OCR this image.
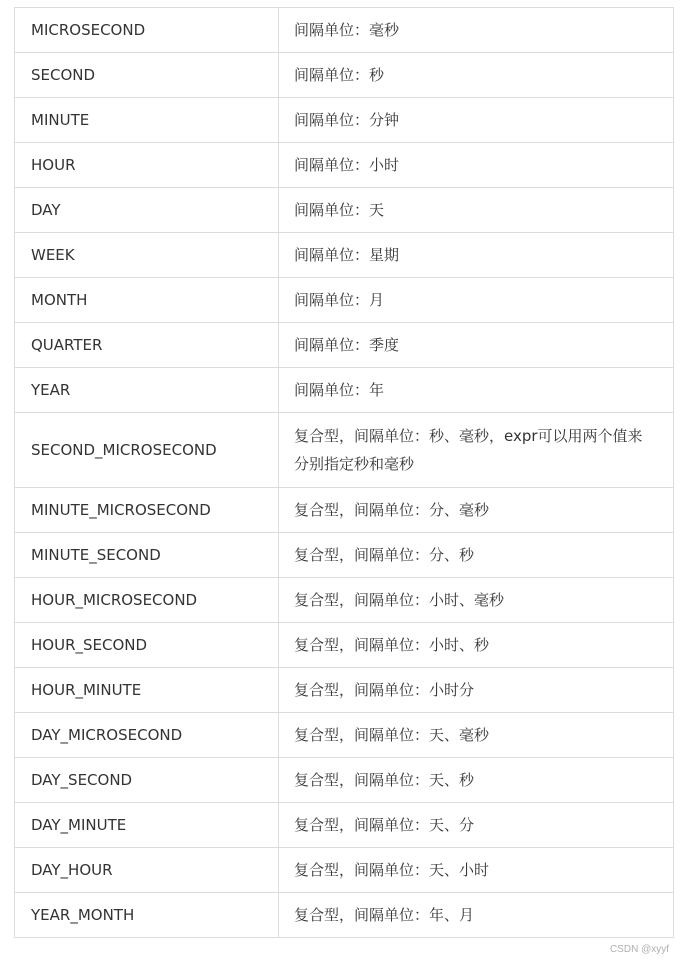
MICROSECOND	间隔单位：毫秒
SECOND	间隔单位：秒
MINUTE	间隔单位：分钟
HOUR	间隔单位：小时
DAY	间隔单位：天
WEEK	间隔单位：星期
MONTH	间隔单位：月
QUARTER	间隔单位：季度
YEAR	间隔单位：年
SECOND_MICROSECOND	复合型，间隔单位：秒、毫秒，expr可以用两个值来分别指定秒和毫秒
MINUTE_MICROSECOND	复合型，间隔单位：分、毫秒
MINUTE_SECOND	复合型，间隔单位：分、秒
HOUR_MICROSECOND	复合型，间隔单位：小时、毫秒
HOUR_SECOND	复合型，间隔单位：小时、秒
HOUR_MINUTE	复合型，间隔单位：小时分
DAY_MICROSECOND	复合型，间隔单位：天、毫秒
DAY_SECOND	复合型，间隔单位：天、秒
DAY_MINUTE	复合型，间隔单位：天、分
DAY_HOUR	复合型，间隔单位：天、小时
YEAR_MONTH	复合型，间隔单位：年、月
CSDN @xyyf
